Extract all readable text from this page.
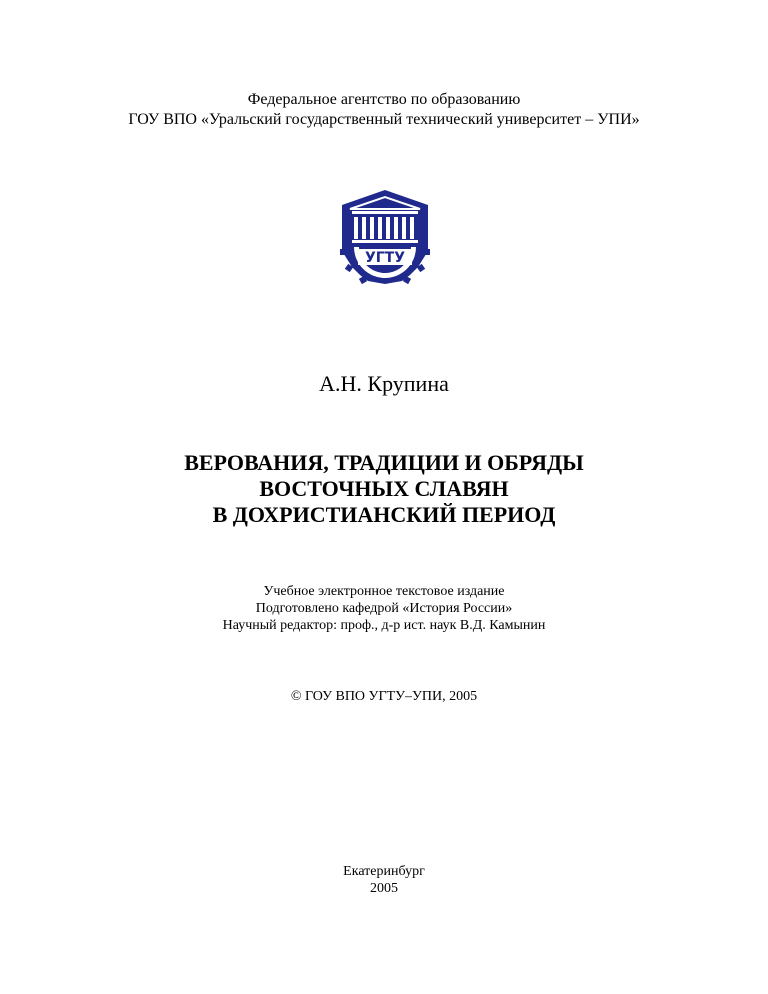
Федеральное агентство по образованию
ГОУ ВПО «Уральский государственный технический университет – УПИ»
УГТУ
А.Н. Крупина
ВЕРОВАНИЯ, ТРАДИЦИИ И ОБРЯДЫ
ВОСТОЧНЫХ СЛАВЯН
В ДОХРИСТИАНСКИЙ ПЕРИОД
Учебное электронное текстовое издание
Подготовлено кафедрой «История России»
Научный редактор: проф., д-р ист. наук В.Д. Камынин
© ГОУ ВПО УГТУ–УПИ, 2005
Екатеринбург
2005
